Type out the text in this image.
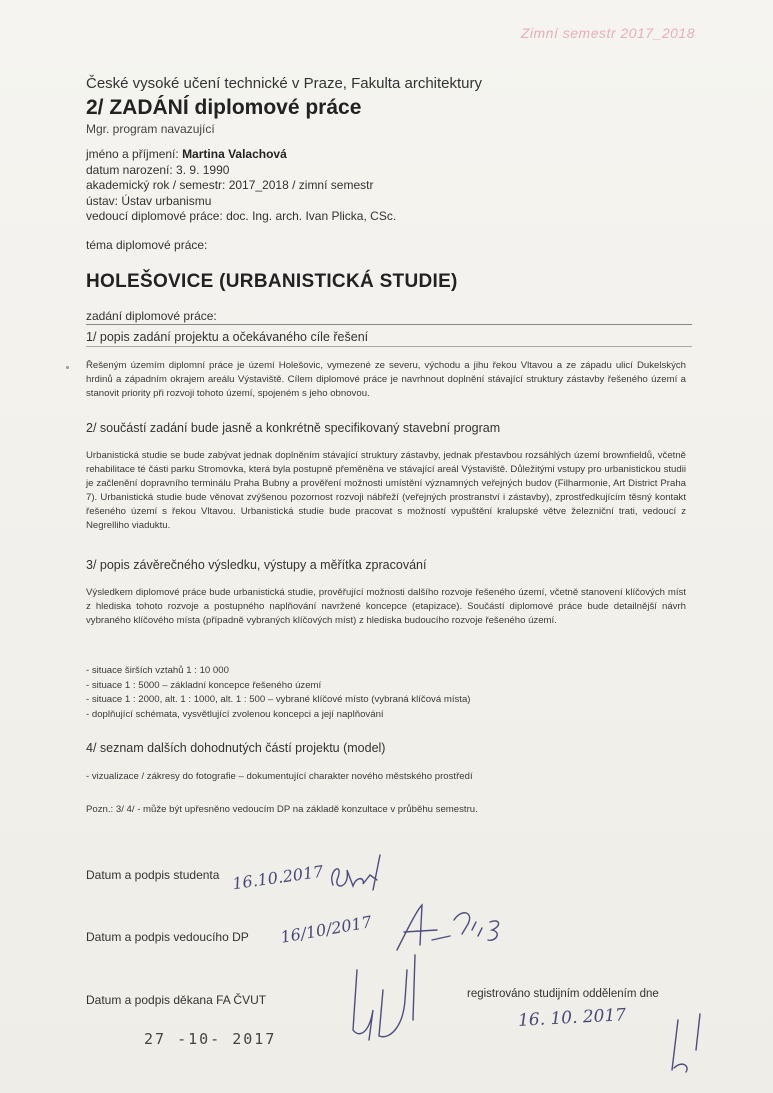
Zimní semestr 2017_2018
České vysoké učení technické v Praze, Fakulta architektury
2/ ZADÁNÍ diplomové práce
Mgr. program navazující
jméno a příjmení: Martina Valachová
datum narození: 3. 9. 1990
akademický rok / semestr: 2017_2018 / zimní semestr
ústav: Ústav urbanismu
vedoucí diplomové práce: doc. Ing. arch. Ivan Plicka, CSc.
téma diplomové práce:
HOLEŠOVICE (URBANISTICKÁ STUDIE)
zadání diplomové práce:
1/ popis zadání projektu a očekávaného cíle řešení
Řešeným územím diplomní práce je území Holešovic, vymezené ze severu, východu a jihu řekou Vltavou a ze západu ulicí Dukelských hrdinů a západním okrajem areálu Výstaviště. Cílem diplomové práce je navrhnout doplnění stávající struktury zástavby řešeného území a stanovit priority při rozvoji tohoto území, spojeném s jeho obnovou.
2/ součástí zadání bude jasně a konkrétně specifikovaný stavební program
Urbanistická studie se bude zabývat jednak doplněním stávající struktury zástavby, jednak přestavbou rozsáhlých území brownfieldů, včetně rehabilitace té části parku Stromovka, která byla postupně přeměněna ve stávající areál Výstaviště. Důležitými vstupy pro urbanistickou studii je začlenění dopravního terminálu Praha Bubny a prověření možnosti umístění významných veřejných budov (Filharmonie, Art District Praha 7). Urbanistická studie bude věnovat zvýšenou pozornost rozvoji nábřeží (veřejných prostranství i zástavby), zprostředkujícím těsný kontakt řešeného území s řekou Vltavou. Urbanistická studie bude pracovat s možností vypuštění kralupské větve železniční trati, vedoucí z Negrelliho viaduktu.
3/ popis závěrečného výsledku, výstupy a měřítka zpracování
Výsledkem diplomové práce bude urbanistická studie, prověřující možnosti dalšího rozvoje řešeného území, včetně stanovení klíčových míst z hlediska tohoto rozvoje a postupného naplňování navržené koncepce (etapizace). Součástí diplomové práce bude detailnější návrh vybraného klíčového místa (případně vybraných klíčových míst) z hlediska budoucího rozvoje řešeného území.
- situace širších vztahů 1 : 10 000
- situace 1 : 5000 – základní koncepce řešeného území
- situace 1 : 2000, alt. 1 : 1000, alt. 1 : 500 – vybrané klíčové místo (vybraná klíčová místa)
- doplňující schémata, vysvětlující zvolenou koncepci a její naplňování
4/ seznam dalších dohodnutých částí projektu (model)
- vizualizace / zákresy do fotografie – dokumentující charakter nového městského prostředí
Pozn.: 3/ 4/ - může být upřesněno vedoucím DP na základě konzultace v průběhu semestru.
Datum a podpis studenta 16.10.2017
Datum a podpis vedoucího DP 16/10/2017
Datum a podpis děkana FA ČVUT
27 -10- 2017
registrováno studijním oddělením dne
16. 10. 2017
